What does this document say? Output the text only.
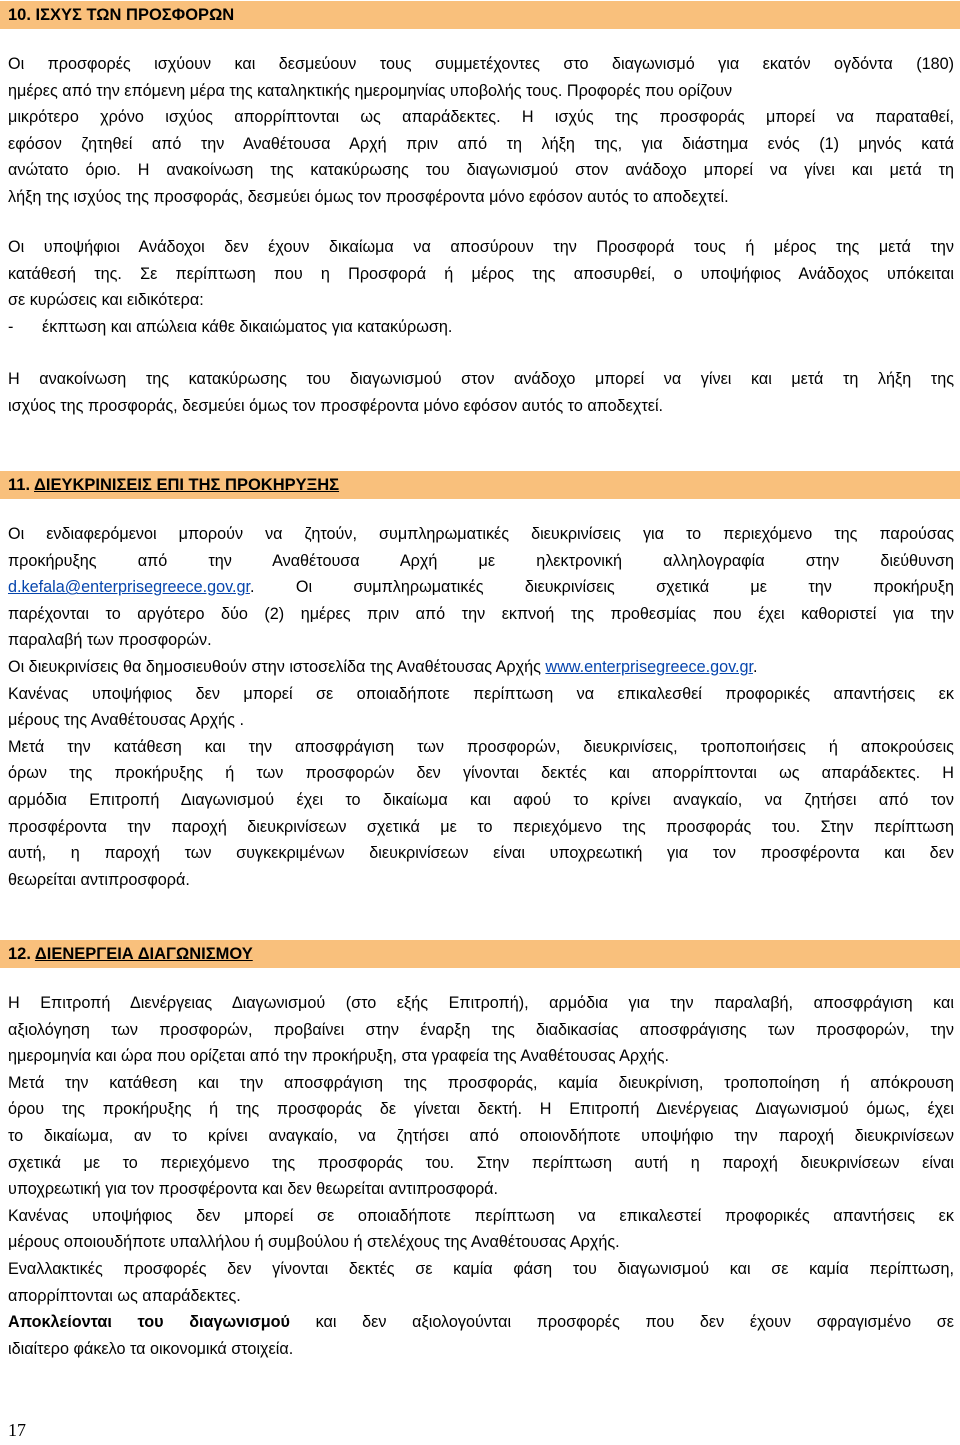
10. ΙΣΧΥΣ ΤΩΝ ΠΡΟΣΦΟΡΩΝ
Οι προσφορές ισχύουν και δεσμεύουν τους συμμετέχοντες στο διαγωνισμό για εκατόν ογδόντα (180)
ημέρες από την επόμενη μέρα της καταληκτικής ημερομηνίας υποβολής τους. Προφορές που ορίζουν
μικρότερο χρόνο ισχύος απορρίπτονται ως απαράδεκτες. Η ισχύς της προσφοράς μπορεί να παραταθεί,
εφόσον ζητηθεί από την Αναθέτουσα Αρχή πριν από τη λήξη της, για διάστημα ενός (1) μηνός κατά
ανώτατο όριο. Η ανακοίνωση της κατακύρωσης του διαγωνισμού στον ανάδοχο μπορεί να γίνει και μετά τη
λήξη της ισχύος της προσφοράς, δεσμεύει όμως τον προσφέροντα μόνο εφόσον αυτός το αποδεχτεί.
Οι υποψήφιοι Ανάδοχοι δεν έχουν δικαίωμα να αποσύρουν την Προσφορά τους ή μέρος της μετά την
κατάθεσή της. Σε περίπτωση που η Προσφορά ή μέρος της αποσυρθεί, ο υποψήφιος Ανάδοχος υπόκειται
σε κυρώσεις και ειδικότερα:
- έκπτωση και απώλεια κάθε δικαιώματος για κατακύρωση.
Η ανακοίνωση της κατακύρωσης του διαγωνισμού στον ανάδοχο μπορεί να γίνει και μετά τη λήξη της
ισχύος της προσφοράς, δεσμεύει όμως τον προσφέροντα μόνο εφόσον αυτός το αποδεχτεί.
11. ΔΙΕΥΚΡΙΝΙΣΕΙΣ ΕΠΙ ΤΗΣ ΠΡΟΚΗΡΥΞΗΣ
Οι ενδιαφερόμενοι μπορούν να ζητούν, συμπληρωματικές διευκρινίσεις για το περιεχόμενο της παρούσας
προκήρυξης από την Αναθέτουσα Αρχή με ηλεκτρονική αλληλογραφία στην διεύθυνση
d.kefala@enterprisegreece.gov.gr. Οι συμπληρωματικές διευκρινίσεις σχετικά με την προκήρυξη
παρέχονται το αργότερο δύο (2) ημέρες πριν από την εκπνοή της προθεσμίας που έχει καθοριστεί για την
παραλαβή των προσφορών.
Οι διευκρινίσεις θα δημοσιευθούν στην ιστοσελίδα της Αναθέτουσας Αρχής www.enterprisegreece.gov.gr.
Κανένας υποψήφιος δεν μπορεί σε οποιαδήποτε περίπτωση να επικαλεσθεί προφορικές απαντήσεις εκ
μέρους της Αναθέτουσας Αρχής .
Μετά την κατάθεση και την αποσφράγιση των προσφορών, διευκρινίσεις, τροποποιήσεις ή αποκρούσεις
όρων της προκήρυξης ή των προσφορών δεν γίνονται δεκτές και απορρίπτονται ως απαράδεκτες. Η
αρμόδια Επιτροπή Διαγωνισμού έχει το δικαίωμα και αφού το κρίνει αναγκαίο, να ζητήσει από τον
προσφέροντα την παροχή διευκρινίσεων σχετικά με το περιεχόμενο της προσφοράς του. Στην περίπτωση
αυτή, η παροχή των συγκεκριμένων διευκρινίσεων είναι υποχρεωτική για τον προσφέροντα και δεν
θεωρείται αντιπροσφορά.
12. ΔΙΕΝΕΡΓΕΙΑ ΔΙΑΓΩΝΙΣΜΟΥ
Η Επιτροπή Διενέργειας Διαγωνισμού (στο εξής Επιτροπή), αρμόδια για την παραλαβή, αποσφράγιση και
αξιολόγηση των προσφορών, προβαίνει στην έναρξη της διαδικασίας αποσφράγισης των προσφορών, την
ημερομηνία και ώρα που ορίζεται από την προκήρυξη, στα γραφεία της Αναθέτουσας Αρχής.
Μετά την κατάθεση και την αποσφράγιση της προσφοράς, καμία διευκρίνιση, τροποποίηση ή απόκρουση
όρου της προκήρυξης ή της προσφοράς δε γίνεται δεκτή. Η Επιτροπή Διενέργειας Διαγωνισμού όμως, έχει
το δικαίωμα, αν το κρίνει αναγκαίο, να ζητήσει από οποιονδήποτε υποψήφιο την παροχή διευκρινίσεων
σχετικά με το περιεχόμενο της προσφοράς του. Στην περίπτωση αυτή η παροχή διευκρινίσεων είναι
υποχρεωτική για τον προσφέροντα και δεν θεωρείται αντιπροσφορά.
Κανένας υποψήφιος δεν μπορεί σε οποιαδήποτε περίπτωση να επικαλεστεί προφορικές απαντήσεις εκ
μέρους οποιουδήποτε υπαλλήλου ή συμβούλου ή στελέχους της Αναθέτουσας Αρχής.
Εναλλακτικές προσφορές δεν γίνονται δεκτές σε καμία φάση του διαγωνισμού και σε καμία περίπτωση,
απορρίπτονται ως απαράδεκτες.
Αποκλείονται του διαγωνισμού και δεν αξιολογούνται προσφορές που δεν έχουν σφραγισμένο σε
ιδιαίτερο φάκελο τα οικονομικά στοιχεία.
17
